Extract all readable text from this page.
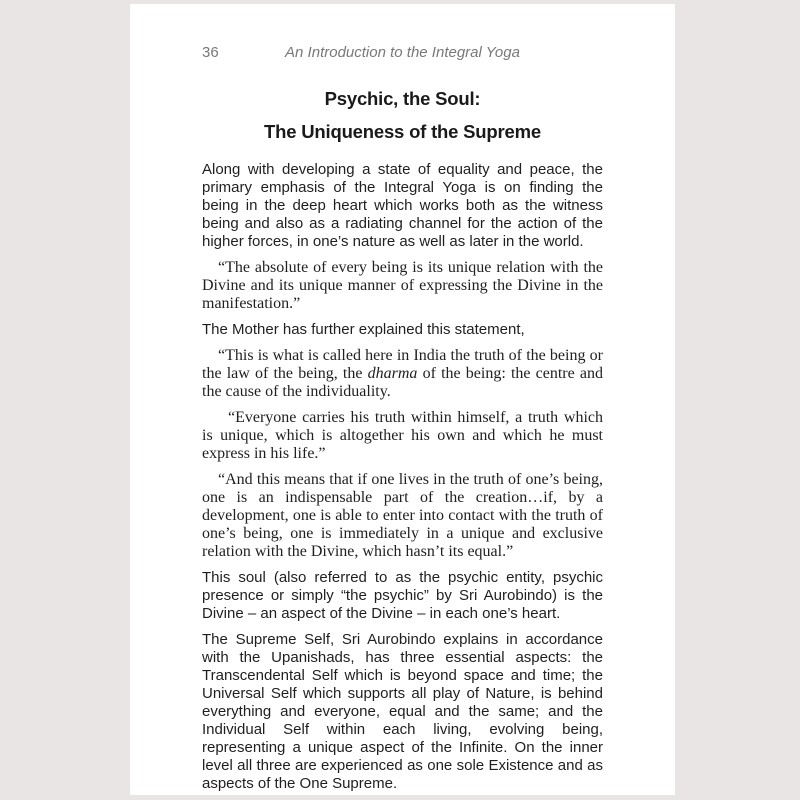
36	An Introduction to the Integral Yoga
Psychic, the Soul:
The Uniqueness of the Supreme

Along with developing a state of equality and peace, the primary emphasis of the Integral Yoga is on finding the being in the deep heart which works both as the witness being and also as a radiating channel for the action of the higher forces, in one’s nature as well as later in the world.

“The absolute of every being is its unique relation with the Divine and its unique manner of expressing the Divine in the manifestation.”

The Mother has further explained this statement,

“This is what is called here in India the truth of the being or the law of the being, the dharma of the being: the centre and the cause of the individuality.

“Everyone carries his truth within himself, a truth which is unique, which is altogether his own and which he must express in his life.”

“And this means that if one lives in the truth of one’s being, one is an indispensable part of the creation…if, by a development, one is able to enter into contact with the truth of one’s being, one is immediately in a unique and exclusive relation with the Divine, which hasn’t its equal.”

This soul (also referred to as the psychic entity, psychic presence or simply “the psychic” by Sri Aurobindo) is the Divine – an aspect of the Divine – in each one’s heart.

The Supreme Self, Sri Aurobindo explains in accordance with the Upanishads, has three essential aspects: the Transcendental Self which is beyond space and time; the Universal Self which supports all play of Nature, is behind everything and everyone, equal and the same; and the Individual Self within each living, evolving being, representing a unique aspect of the Infinite. On the inner level all three are experienced as one sole Existence and as aspects of the One Supreme.
